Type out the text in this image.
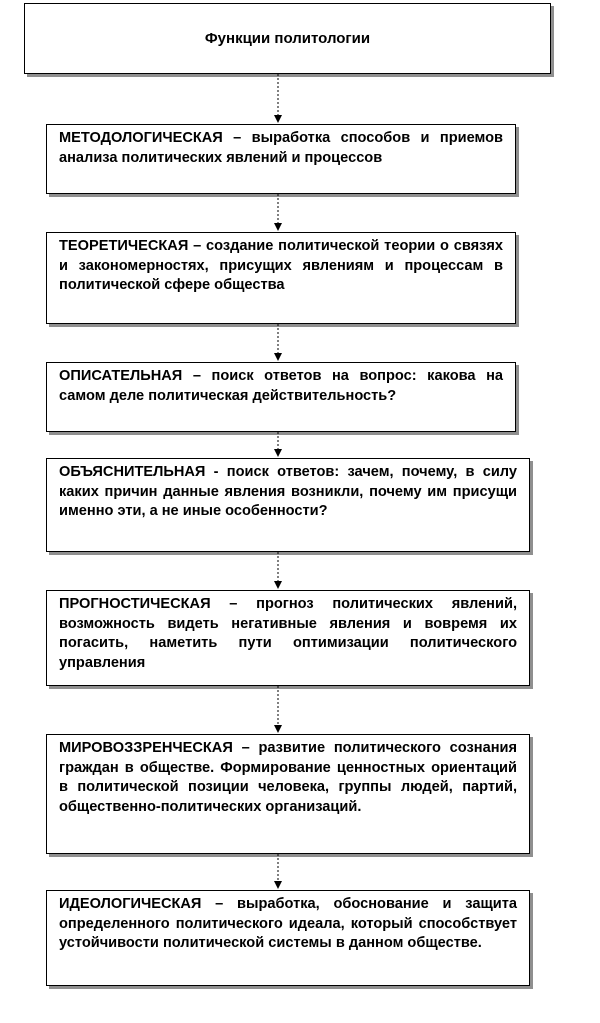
Функции политологии

МЕТОДОЛОГИЧЕСКАЯ – выработка способов и приемов анализа политических явлений и процессов

ТЕОРЕТИЧЕСКАЯ – создание политической теории о связях и закономерностях, присущих явлениям и процессам в политической сфере общества

ОПИСАТЕЛЬНАЯ – поиск ответов на вопрос: какова на самом деле политическая действительность?

ОБЪЯСНИТЕЛЬНАЯ - поиск ответов: зачем, почему, в силу каких причин данные явления возникли, почему им присущи именно эти, а не иные особенности?

ПРОГНОСТИЧЕСКАЯ – прогноз политических явлений, возможность видеть негативные явления и вовремя их погасить, наметить пути оптимизации политического управления

МИРОВОЗЗРЕНЧЕСКАЯ – развитие политического сознания граждан в обществе. Формирование ценностных ориентаций в политической позиции человека, группы людей, партий, общественно-политических организаций.

ИДЕОЛОГИЧЕСКАЯ – выработка, обоснование и защита определенного политического идеала, который способствует устойчивости политической системы в данном обществе.
